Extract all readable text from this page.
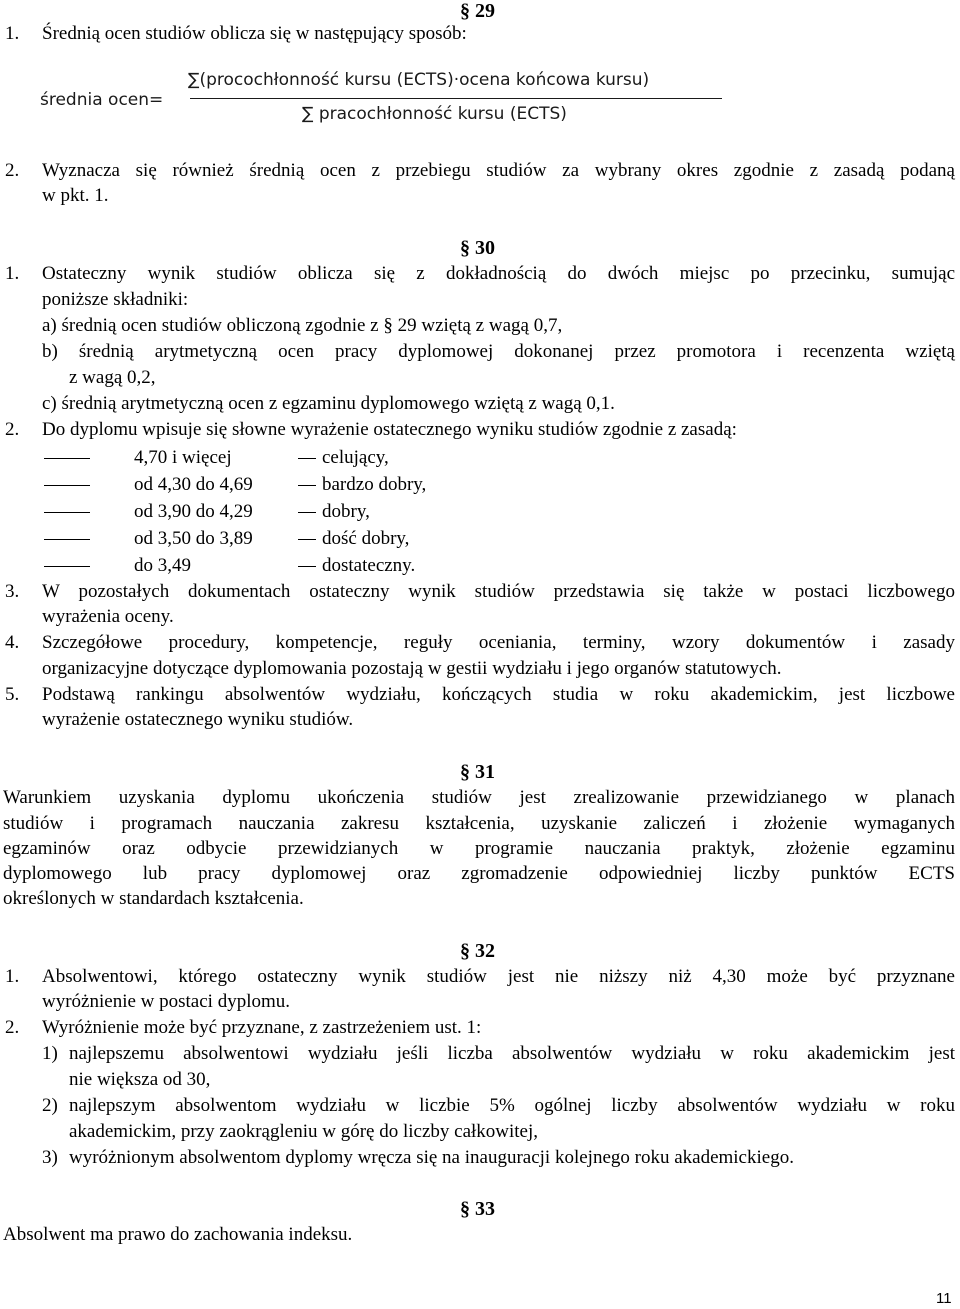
§ 29
1. Średnią ocen studiów oblicza się w następujący sposób:
średnia ocen=
∑(procochłonność kursu (ECTS)·ocena końcowa kursu)
∑ pracochłonność kursu (ECTS)
2. Wyznacza się również średnią ocen z przebiegu studiów za wybrany okres zgodnie z zasadą podaną
w pkt. 1.
§ 30
1. Ostateczny wynik studiów oblicza się z dokładnością do dwóch miejsc po przecinku, sumując
poniższe składniki:
a) średnią ocen studiów obliczoną zgodnie z § 29 wziętą z wagą 0,7,
b) średnią arytmetyczną ocen pracy dyplomowej dokonanej przez promotora i recenzenta wziętą
z wagą 0,2,
c) średnią arytmetyczną ocen z egzaminu dyplomowego wziętą z wagą 0,1.
2. Do dyplomu wpisuje się słowne wyrażenie ostatecznego wyniku studiów zgodnie z zasadą:
4,70 i więcej	celujący,
od 4,30 do 4,69	bardzo dobry,
od 3,90 do 4,29	dobry,
od 3,50 do 3,89	dość dobry,
do 3,49	dostateczny.
3. W pozostałych dokumentach ostateczny wynik studiów przedstawia się także w postaci liczbowego
wyrażenia oceny.
4. Szczegółowe procedury, kompetencje, reguły oceniania, terminy, wzory dokumentów i zasady
organizacyjne dotyczące dyplomowania pozostają w gestii wydziału i jego organów statutowych.
5. Podstawą rankingu absolwentów wydziału, kończących studia w roku akademickim, jest liczbowe
wyrażenie ostatecznego wyniku studiów.
§ 31
Warunkiem uzyskania dyplomu ukończenia studiów jest zrealizowanie przewidzianego w planach
studiów i programach nauczania zakresu kształcenia, uzyskanie zaliczeń i złożenie wymaganych
egzaminów oraz odbycie przewidzianych w programie nauczania praktyk, złożenie egzaminu
dyplomowego lub pracy dyplomowej oraz zgromadzenie odpowiedniej liczby punktów ECTS
określonych w standardach kształcenia.
§ 32
1. Absolwentowi, którego ostateczny wynik studiów jest nie niższy niż 4,30 może być przyznane
wyróżnienie w postaci dyplomu.
2. Wyróżnienie może być przyznane, z zastrzeżeniem ust. 1:
1) najlepszemu absolwentowi wydziału jeśli liczba absolwentów wydziału w roku akademickim jest
nie większa od 30,
2) najlepszym absolwentom wydziału w liczbie 5% ogólnej liczby absolwentów wydziału w roku
akademickim, przy zaokrągleniu w górę do liczby całkowitej,
3) wyróżnionym absolwentom dyplomy wręcza się na inauguracji kolejnego roku akademickiego.
§ 33
Absolwent ma prawo do zachowania indeksu.
11
